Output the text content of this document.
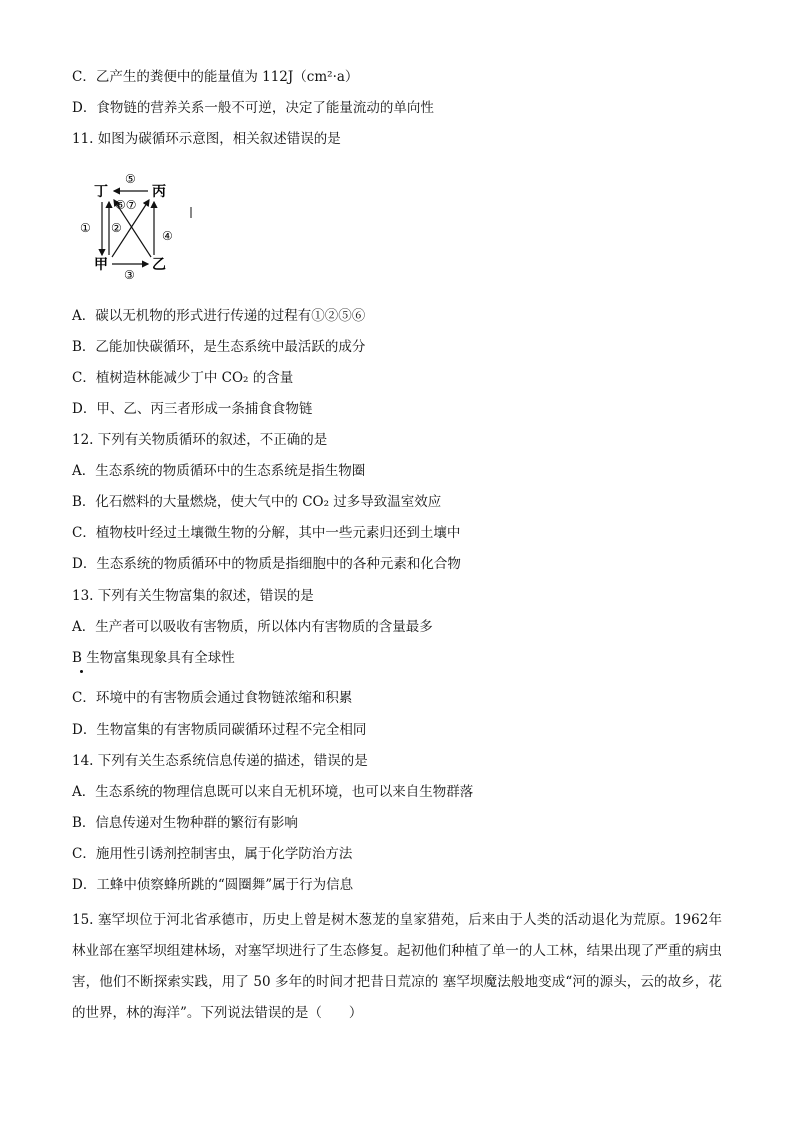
C．乙产生的粪便中的能量值为 112J（cm²·a）
D．食物链的营养关系一般不可逆，决定了能量流动的单向性
11. 如图为碳循环示意图，相关叙述错误的是
丁	丙
甲	乙
⑤
⑥⑦
① ②
④
③
A．碳以无机物的形式进行传递的过程有①②⑤⑥
B．乙能加快碳循环，是生态系统中最活跃的成分
C．植树造林能减少丁中 CO₂ 的含量
D．甲、乙、丙三者形成一条捕食食物链
12. 下列有关物质循环的叙述，不正确的是
A．生态系统的物质循环中的生态系统是指生物圈
B．化石燃料的大量燃烧，使大气中的 CO₂ 过多导致温室效应
C．植物枝叶经过土壤微生物的分解，其中一些元素归还到土壤中
D．生态系统的物质循环中的物质是指细胞中的各种元素和化合物
13. 下列有关生物富集的叙述，错误的是
A．生产者可以吸收有害物质，所以体内有害物质的含量最多
B 生物富集现象具有全球性
C．环境中的有害物质会通过食物链浓缩和积累
D．生物富集的有害物质同碳循环过程不完全相同
14. 下列有关生态系统信息传递的描述，错误的是
A．生态系统的物理信息既可以来自无机环境，也可以来自生物群落
B．信息传递对生物种群的繁衍有影响
C．施用性引诱剂控制害虫，属于化学防治方法
D．工蜂中侦察蜂所跳的“圆圈舞”属于行为信息
15. 塞罕坝位于河北省承德市，历史上曾是树木葱茏的皇家猎苑，后来由于人类的活动退化为荒原。1962年林业部在塞罕坝组建林场，对塞罕坝进行了生态修复。起初他们种植了单一的人工林，结果出现了严重的病虫害，他们不断探索实践，用了 50 多年的时间才把昔日荒凉的 塞罕坝魔法般地变成“河的源头，云的故乡，花的世界，林的海洋”。下列说法错误的是（　　）
